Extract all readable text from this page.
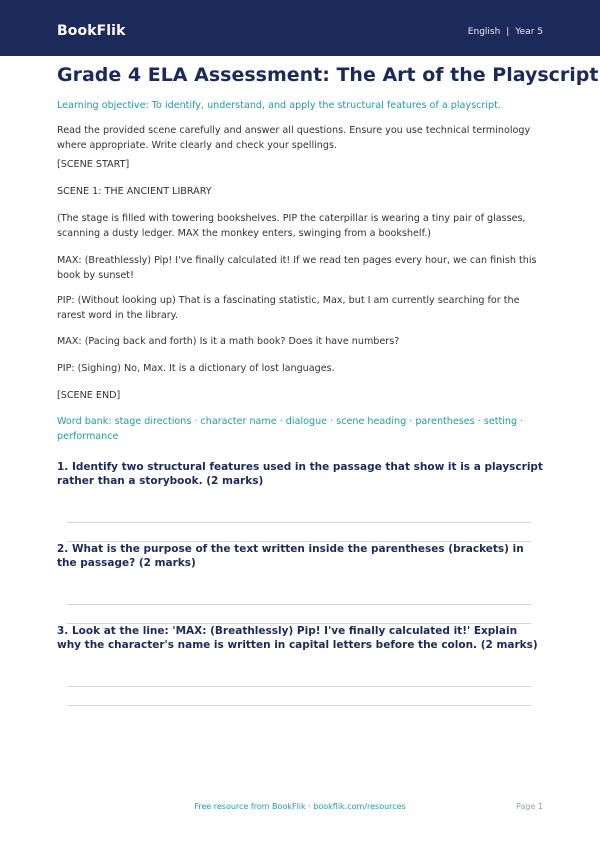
BookFlik	English | Year 5
Grade 4 ELA Assessment: The Art of the Playscript

Learning objective: To identify, understand, and apply the structural features of a playscript.

Read the provided scene carefully and answer all questions. Ensure you use technical terminology where appropriate. Write clearly and check your spellings.

[SCENE START]

SCENE 1: THE ANCIENT LIBRARY

(The stage is filled with towering bookshelves. PIP the caterpillar is wearing a tiny pair of glasses, scanning a dusty ledger. MAX the monkey enters, swinging from a bookshelf.)

MAX: (Breathlessly) Pip! I've finally calculated it! If we read ten pages every hour, we can finish this book by sunset!

PIP: (Without looking up) That is a fascinating statistic, Max, but I am currently searching for the rarest word in the library.

MAX: (Pacing back and forth) Is it a math book? Does it have numbers?

PIP: (Sighing) No, Max. It is a dictionary of lost languages.

[SCENE END]

Word bank: stage directions · character name · dialogue · scene heading · parentheses · setting · performance

1. Identify two structural features used in the passage that show it is a playscript rather than a storybook. (2 marks)

2. What is the purpose of the text written inside the parentheses (brackets) in the passage? (2 marks)

3. Look at the line: 'MAX: (Breathlessly) Pip! I've finally calculated it!' Explain why the character's name is written in capital letters before the colon. (2 marks)

Free resource from BookFlik · bookflik.com/resources	Page 1
